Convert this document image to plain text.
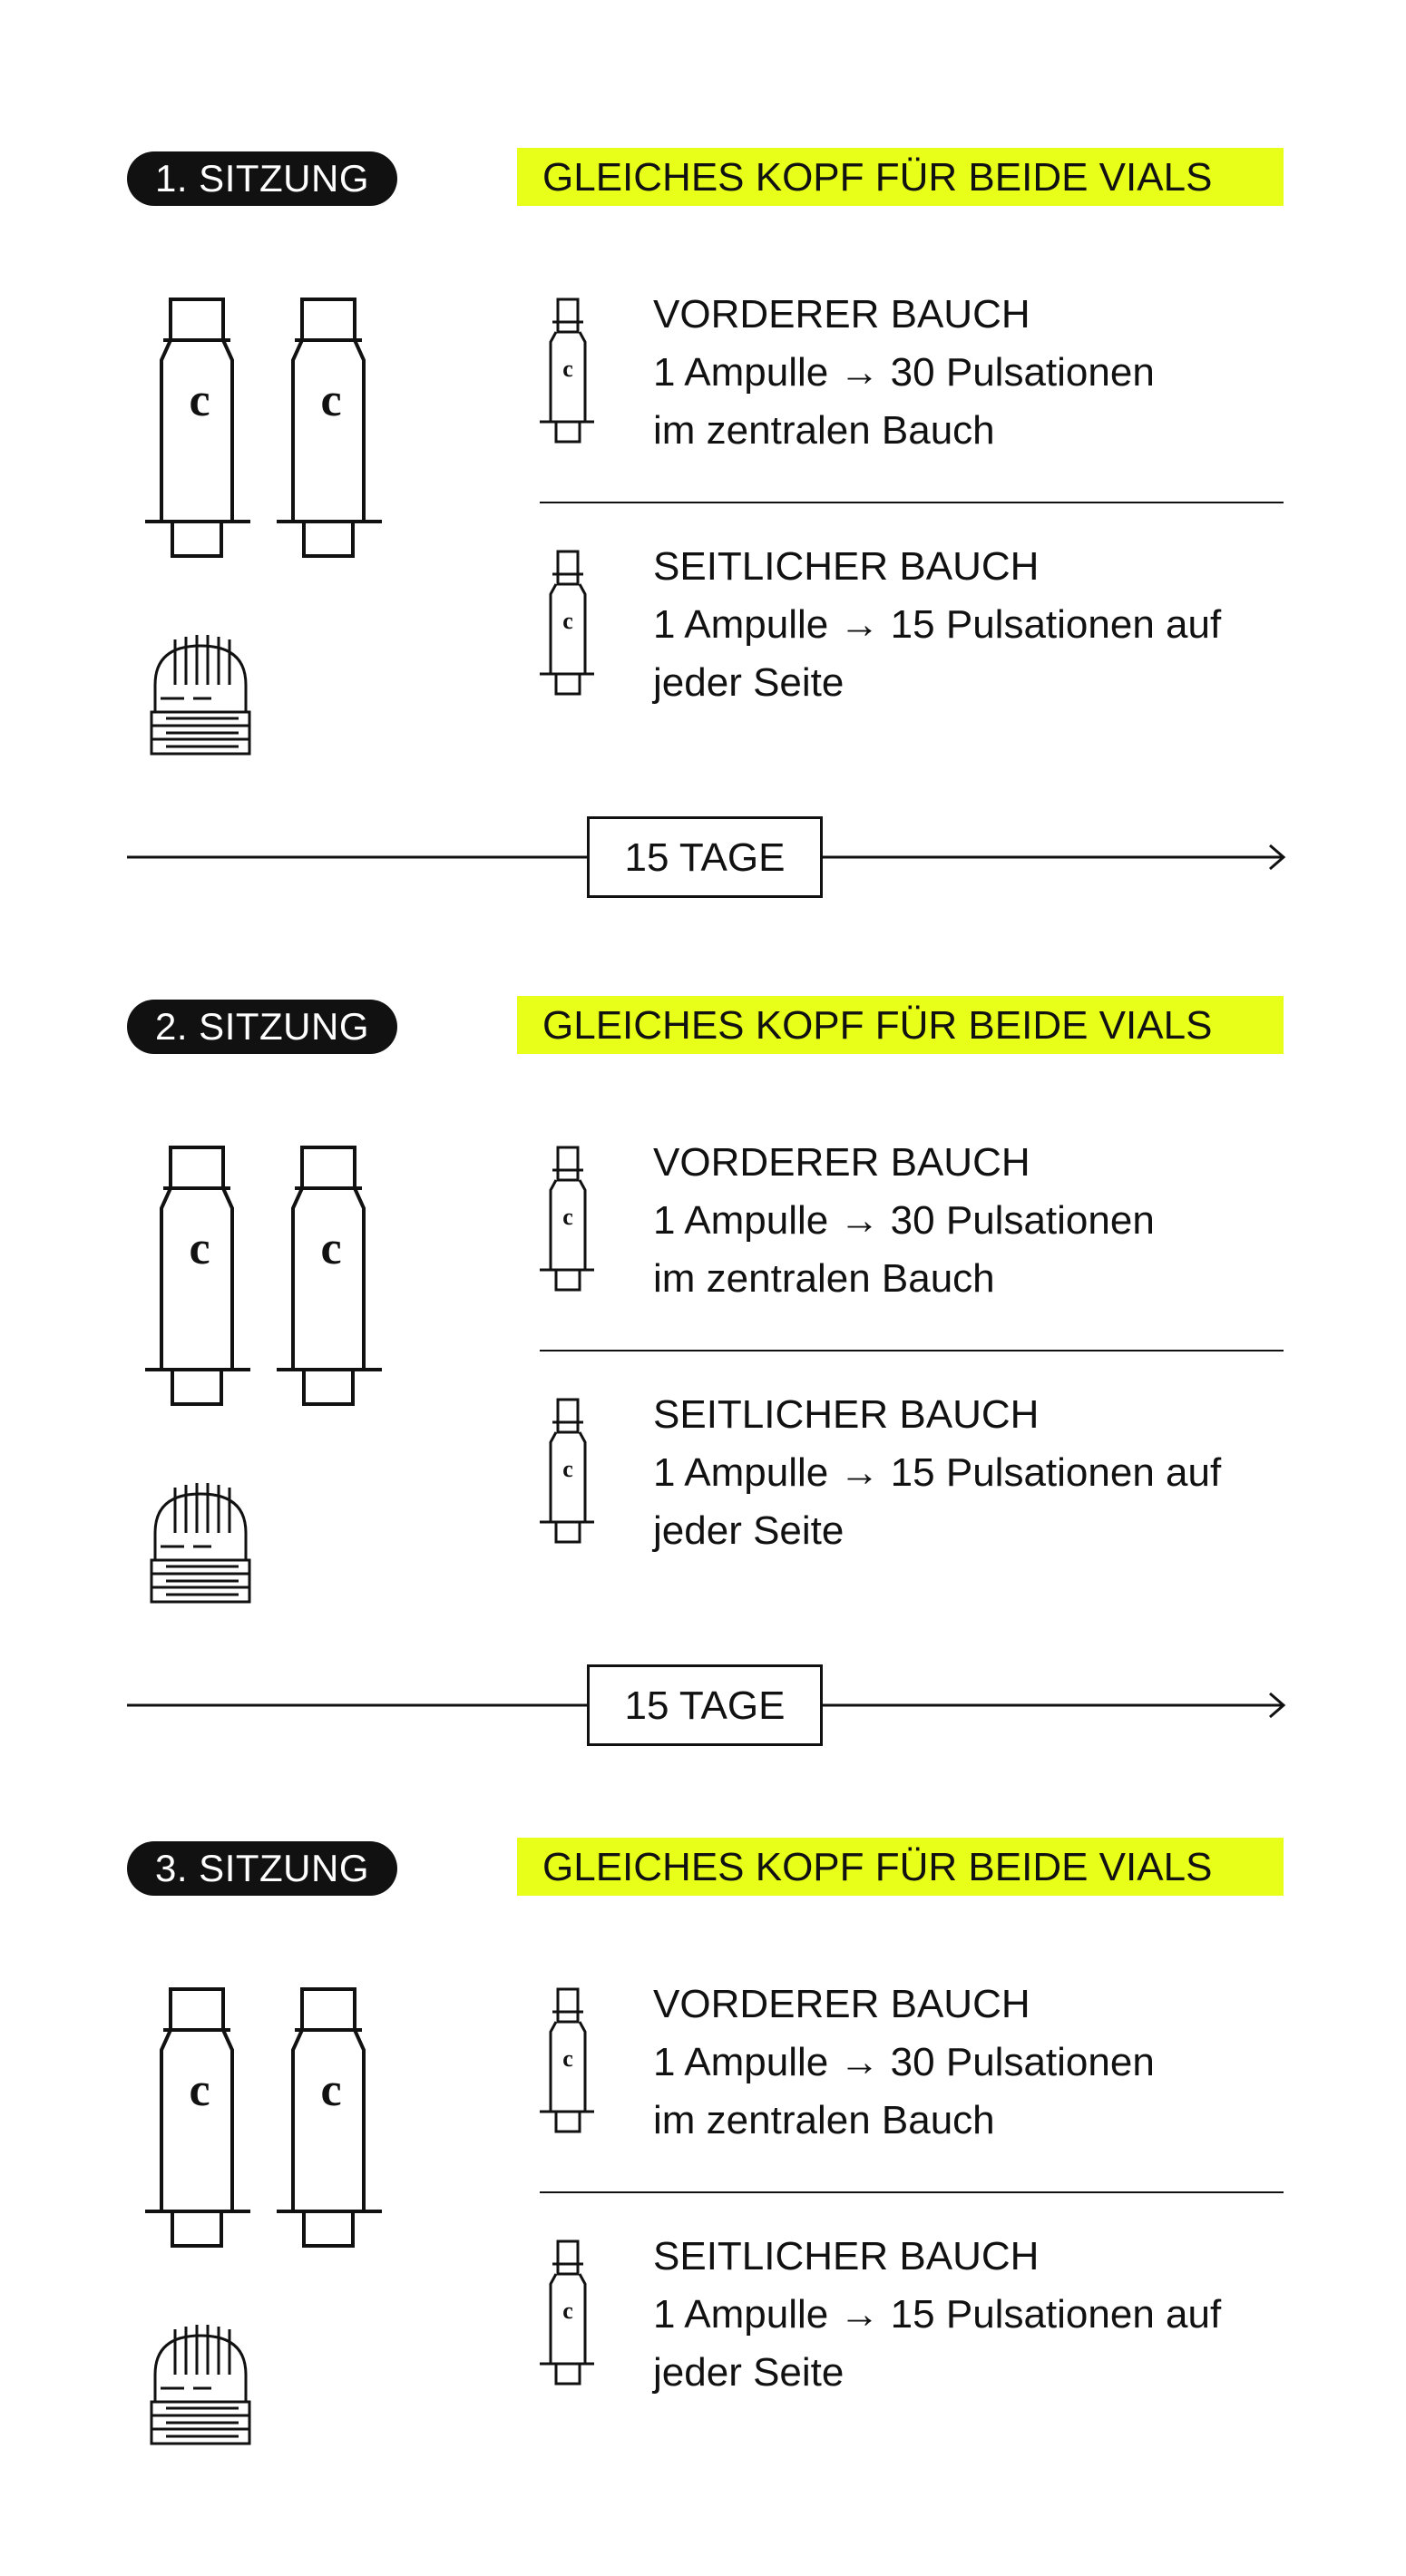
1. SITZUNG	GLEICHES KOPF FÜR BEIDE VIALS
c c
c
VORDERER BAUCH
1 Ampulle → 30 Pulsationen
im zentralen Bauch
c
SEITLICHER BAUCH
1 Ampulle → 15 Pulsationen auf
jeder Seite
15 TAGE
2. SITZUNG	GLEICHES KOPF FÜR BEIDE VIALS
c c
c
VORDERER BAUCH
1 Ampulle → 30 Pulsationen
im zentralen Bauch
c
SEITLICHER BAUCH
1 Ampulle → 15 Pulsationen auf
jeder Seite
15 TAGE
3. SITZUNG	GLEICHES KOPF FÜR BEIDE VIALS
c c
c
VORDERER BAUCH
1 Ampulle → 30 Pulsationen
im zentralen Bauch
c
SEITLICHER BAUCH
1 Ampulle → 15 Pulsationen auf
jeder Seite
